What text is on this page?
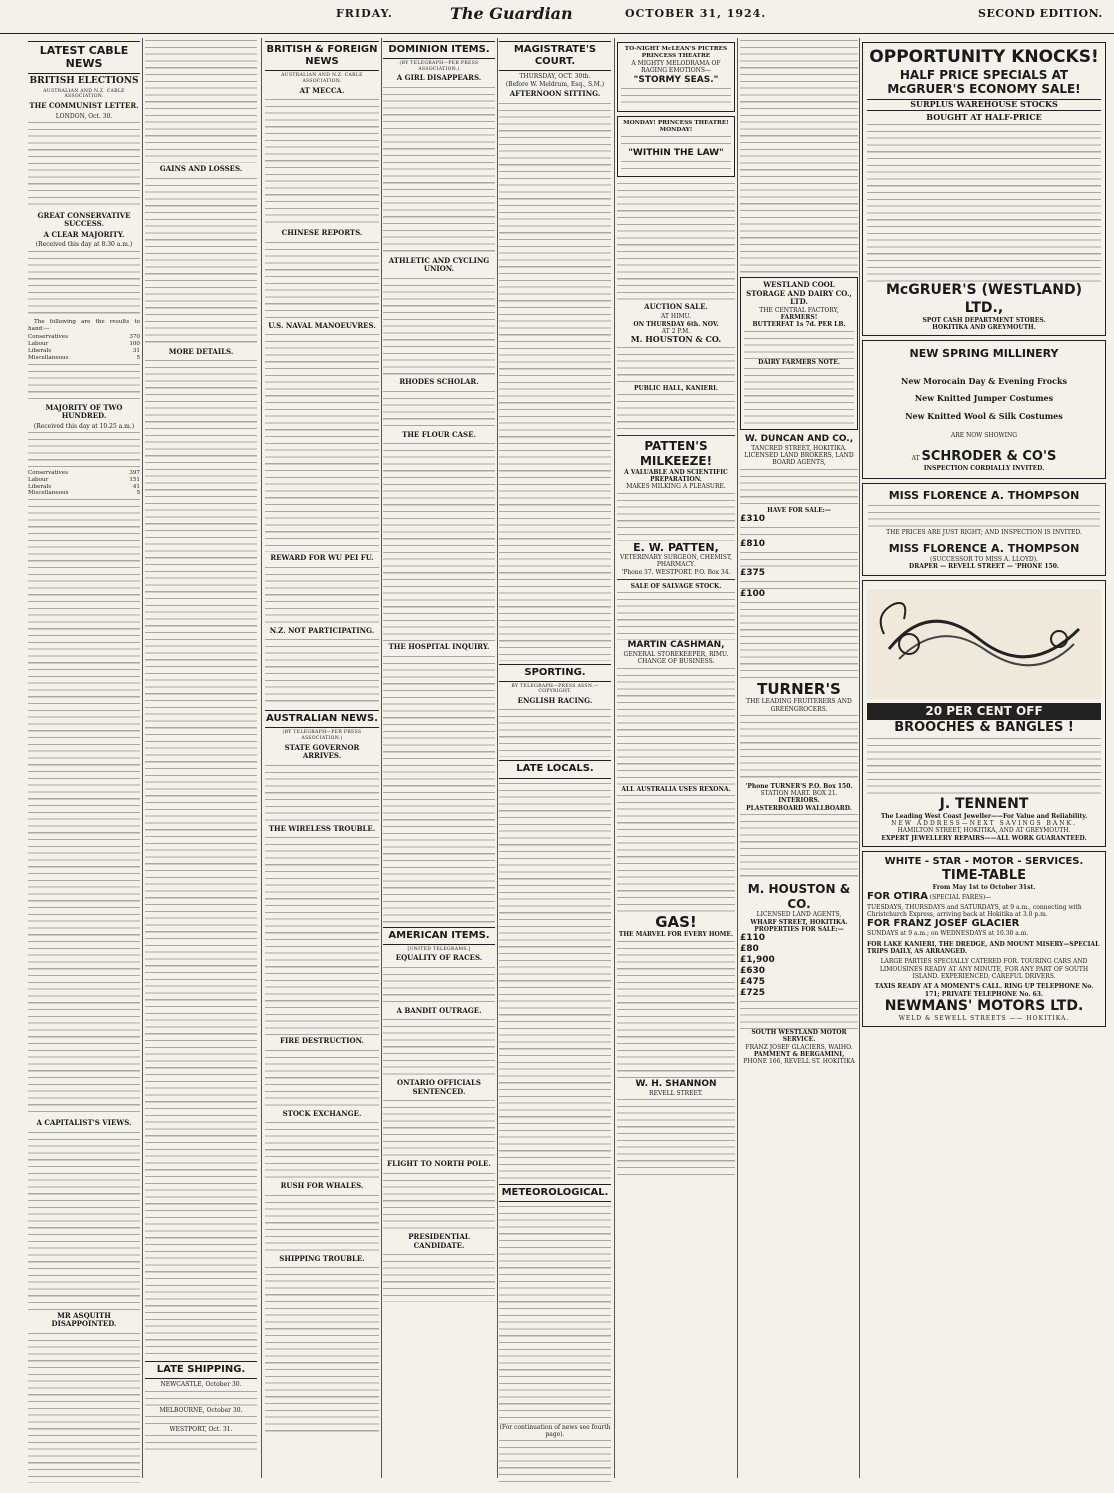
FRIDAY.	The Guardian	OCTOBER 31, 1924.	SECOND EDITION.
LATEST CABLE NEWS
BRITISH ELECTIONS
AUSTRALIAN AND N.Z. CABLE ASSOCIATION.
THE COMMUNIST LETTER.
LONDON, Oct. 30.
GREAT CONSERVATIVE SUCCESS.
A CLEAR MAJORITY.
(Received this day at 8.30 a.m.)

The following are the results to hand:—

Conservatives	370
Labour	100
Liberals	31
Miscellaneous	5
MAJORITY OF TWO HUNDRED.
(Received this day at 10.25 a.m.)
Conservatives	397
Labour	151
Liberals	41
Miscellaneous	5
A CAPITALIST'S VIEWS.
MR ASQUITH DISAPPOINTED.
GAINS AND LOSSES.
MORE DETAILS.
LATE SHIPPING.
NEWCASTLE, October 30.
MELBOURNE, October 30.
WESTPORT, Oct. 31.
BRITISH & FOREIGN NEWS
AUSTRALIAN AND N.Z. CABLE ASSOCIATION.
AT MECCA.
CHINESE REPORTS.
U.S. NAVAL MANOEUVRES.
REWARD FOR WU PEI FU.
N.Z. NOT PARTICIPATING.
AUSTRALIAN NEWS.
(BY TELEGRAPH—PER PRESS ASSOCIATION.)
STATE GOVERNOR ARRIVES.
THE WIRELESS TROUBLE.
FIRE DESTRUCTION.
STOCK EXCHANGE.
RUSH FOR WHALES.
SHIPPING TROUBLE.
DOMINION ITEMS.
(BY TELEGRAPH—PER PRESS ASSOCIATION.)
A GIRL DISAPPEARS.
ATHLETIC AND CYCLING UNION.
RHODES SCHOLAR.
THE FLOUR CASE.
THE HOSPITAL INQUIRY.
AMERICAN ITEMS.
[UNITED TELEGRAMS.]
EQUALITY OF RACES.
A BANDIT OUTRAGE.
ONTARIO OFFICIALS SENTENCED.
FLIGHT TO NORTH POLE.
PRESIDENTIAL CANDIDATE.
MAGISTRATE'S COURT.
THURSDAY, OCT. 30th.
(Before W. Meldrum, Esq., S.M.)
AFTERNOON SITTING.
SPORTING.
BY TELEGRAPH—PRESS ASSN.—COPYRIGHT.
ENGLISH RACING.
LATE LOCALS.
METEOROLOGICAL.
(For continuation of news see fourth page).
TO-NIGHT McLEAN'S PICTRES PRINCESS THEATRE
A MIGHTY MELODRAMA OF RAGING EMOTIONS—
"STORMY SEAS."
MONDAY! PRINCESS THEATRE! MONDAY!
"WITHIN THE LAW"
AUCTION SALE.
AT HIMU.
ON THURSDAY 6th. NOV.
AT 2 P.M.
M. HOUSTON & CO.
PUBLIC HALL, KANIERI.
PATTEN'S MILKEEZE!
A VALUABLE AND SCIENTIFIC PREPARATION.
MAKES MILKING A PLEASURE.
E. W. PATTEN,
VETERINARY SURGEON, CHEMIST, PHARMACY.
'Phone 37. WESTPORT. P.O. Box 34.
SALE OF SALVAGE STOCK.
MARTIN CASHMAN,
GENERAL STOREKEEPER, RIMU.
CHANGE OF BUSINESS.
ALL AUSTRALIA USES REXONA.
GAS!
THE MARVEL FOR EVERY HOME.
W. H. SHANNON
REVELL STREET.
WESTLAND COOL STORAGE AND DAIRY CO., LTD.
THE CENTRAL FACTORY,
FARMERS!
BUTTERFAT 1s 7d. PER LB.
DAIRY FARMERS NOTE.
W. DUNCAN AND CO.,
TANCRED STREET, HOKITIKA.
LICENSED LAND BROKERS, LAND BOARD AGENTS,
HAVE FOR SALE:—
£310
£810
£375
£100
TURNER'S
THE LEADING FRUITERERS AND GREENGROCERS.
'Phone TURNER'S P.O. Box 150.
STATION MART. BOX 21.
INTERIORS.
PLASTERBOARD WALLBOARD.
M. HOUSTON & CO.
LICENSED LAND AGENTS,
WHARF STREET, HOKITIKA.
PROPERTIES FOR SALE:—
£110
£80
£1,900
£630
£475
£725
SOUTH WESTLAND MOTOR SERVICE.
FRANZ JOSEF GLACIERS, WAIHO.
PAMMENT & BERGAMINI,
PHONE 166, REVELL ST. HOKITIKA
OPPORTUNITY KNOCKS!
HALF PRICE SPECIALS AT McGRUER'S ECONOMY SALE!
SURPLUS WAREHOUSE STOCKS
BOUGHT AT HALF-PRICE
McGRUER'S (WESTLAND) LTD.,
SPOT CASH DEPARTMENT STORES.
HOKITIKA AND GREYMOUTH.
NEW SPRING MILLINERY
New Morocain Day & Evening Frocks
New Knitted Jumper Costumes
New Knitted Wool & Silk Costumes
ARE NOW SHOWING
AT SCHRODER & CO'S
INSPECTION CORDIALLY INVITED.
MISS FLORENCE A. THOMPSON
THE PRICES ARE JUST RIGHT; AND INSPECTION IS INVITED.
MISS FLORENCE A. THOMPSON
(SUCCESSOR TO MISS A. LLOYD).
DRAPER — REVELL STREET — 'PHONE 150.
20 PER CENT OFF
BROOCHES & BANGLES !
J. TENNENT
The Leading West Coast Jeweller——For Value and Reliability.
NEW ADDRESS—NEXT SAVINGS BANK.
HAMILTON STREET, HOKITIKA, AND AT GREYMOUTH.
EXPERT JEWELLERY REPAIRS——ALL WORK GUARANTEED.
WHITE - STAR - MOTOR - SERVICES.
TIME-TABLE
From May 1st to October 31st.
FOR OTIRA (SPECIAL FARES)—
TUESDAYS, THURSDAYS and SATURDAYS, at 9 a.m., connecting with Christchurch Express, arriving back at Hokitika at 3.0 p.m.
FOR FRANZ JOSEF GLACIER
SUNDAYS at 9 a.m.; on WEDNESDAYS at 10.30 a.m.
FOR LAKE KANIERI, THE DREDGE, AND MOUNT MISERY—SPECIAL TRIPS DAILY, AS ARRANGED.
LARGE PARTIES SPECIALLY CATERED FOR. TOURING CARS AND LIMOUSINES READY AT ANY MINUTE, FOR ANY PART OF SOUTH ISLAND. EXPERIENCED, CAREFUL DRIVERS.
TAXIS READY AT A MOMENT'S CALL. RING UP TELEPHONE No. 171; PRIVATE TELEPHONE No. 63.
NEWMANS' MOTORS LTD.
WELD & SEWELL STREETS —— HOKITIKA.
